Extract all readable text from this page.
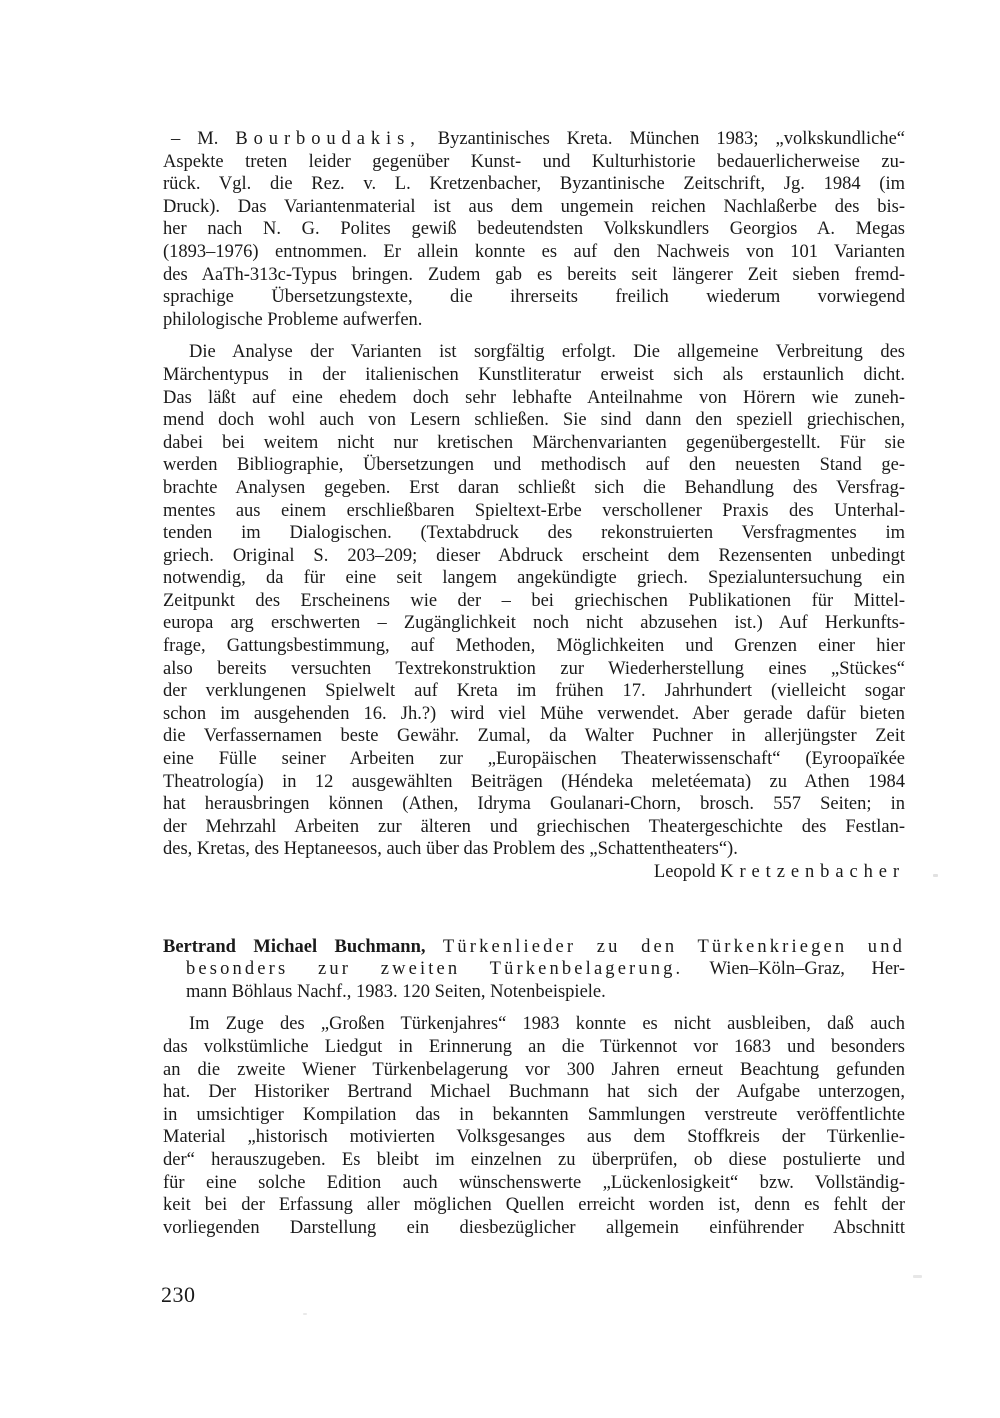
– M. Bourboudakis, Byzantinisches Kreta. München 1983; „volkskundliche“
Aspekte treten leider gegenüber Kunst- und Kulturhistorie bedauerlicherweise zu-
rück. Vgl. die Rez. v. L. Kretzenbacher, Byzantinische Zeitschrift, Jg. 1984 (im
Druck). Das Variantenmaterial ist aus dem ungemein reichen Nachlaßerbe des bis-
her nach N. G. Polites gewiß bedeutendsten Volkskundlers Georgios A. Megas
(1893–1976) entnommen. Er allein konnte es auf den Nachweis von 101 Varianten
des AaTh-313c-Typus bringen. Zudem gab es bereits seit längerer Zeit sieben fremd-
sprachige Übersetzungstexte, die ihrerseits freilich wiederum vorwiegend
philologische Probleme aufwerfen.
Die Analyse der Varianten ist sorgfältig erfolgt. Die allgemeine Verbreitung des
Märchentypus in der italienischen Kunstliteratur erweist sich als erstaunlich dicht.
Das läßt auf eine ehedem doch sehr lebhafte Anteilnahme von Hörern wie zuneh-
mend doch wohl auch von Lesern schließen. Sie sind dann den speziell griechischen,
dabei bei weitem nicht nur kretischen Märchenvarianten gegenübergestellt. Für sie
werden Bibliographie, Übersetzungen und methodisch auf den neuesten Stand ge-
brachte Analysen gegeben. Erst daran schließt sich die Behandlung des Versfrag-
mentes aus einem erschließbaren Spieltext-Erbe verschollener Praxis des Unterhal-
tenden im Dialogischen. (Textabdruck des rekonstruierten Versfragmentes im
griech. Original S. 203–209; dieser Abdruck erscheint dem Rezensenten unbedingt
notwendig, da für eine seit langem angekündigte griech. Spezialuntersuchung ein
Zeitpunkt des Erscheinens wie der – bei griechischen Publikationen für Mittel-
europa arg erschwerten – Zugänglichkeit noch nicht abzusehen ist.) Auf Herkunfts-
frage, Gattungsbestimmung, auf Methoden, Möglichkeiten und Grenzen einer hier
also bereits versuchten Textrekonstruktion zur Wiederherstellung eines „Stückes“
der verklungenen Spielwelt auf Kreta im frühen 17. Jahrhundert (vielleicht sogar
schon im ausgehenden 16. Jh.?) wird viel Mühe verwendet. Aber gerade dafür bieten
die Verfassernamen beste Gewähr. Zumal, da Walter Puchner in allerjüngster Zeit
eine Fülle seiner Arbeiten zur „Europäischen Theaterwissenschaft“ (Eyroopaïkée
Theatrología) in 12 ausgewählten Beiträgen (Héndeka meletéemata) zu Athen 1984
hat herausbringen können (Athen, Idryma Goulanari-Chorn, brosch. 557 Seiten; in
der Mehrzahl Arbeiten zur älteren und griechischen Theatergeschichte des Festlan-
des, Kretas, des Heptaneesos, auch über das Problem des „Schattentheaters“).
Leopold Kretzenbacher
Bertrand Michael Buchmann, Türkenlieder zu den Türkenkriegen und
besonders zur zweiten Türkenbelagerung. Wien–Köln–Graz, Her-
mann Böhlaus Nachf., 1983. 120 Seiten, Notenbeispiele.
Im Zuge des „Großen Türkenjahres“ 1983 konnte es nicht ausbleiben, daß auch
das volkstümliche Liedgut in Erinnerung an die Türkennot vor 1683 und besonders
an die zweite Wiener Türkenbelagerung vor 300 Jahren erneut Beachtung gefunden
hat. Der Historiker Bertrand Michael Buchmann hat sich der Aufgabe unterzogen,
in umsichtiger Kompilation das in bekannten Sammlungen verstreute veröffentlichte
Material „historisch motivierten Volksgesanges aus dem Stoffkreis der Türkenlie-
der“ herauszugeben. Es bleibt im einzelnen zu überprüfen, ob diese postulierte und
für eine solche Edition auch wünschenswerte „Lückenlosigkeit“ bzw. Vollständig-
keit bei der Erfassung aller möglichen Quellen erreicht worden ist, denn es fehlt der
vorliegenden Darstellung ein diesbezüglicher allgemein einführender Abschnitt
230
